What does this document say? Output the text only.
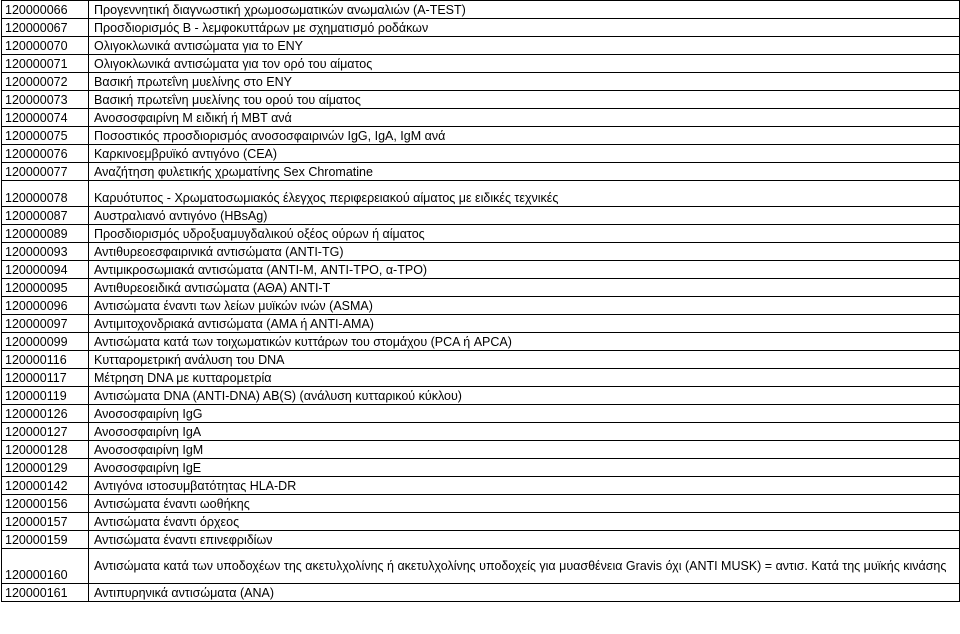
120000066	Προγεννητική διαγνωστική χρωμοσωματικών ανωμαλιών (A-TEST)
120000067	Προσδιορισμός Β - λεμφοκυττάρων με σχηματισμό ροδάκων
120000070	Ολιγοκλωνικά αντισώματα για το ΕΝΥ
120000071	Ολιγοκλωνικά αντισώματα για τον ορό του αίματος
120000072	Βασική πρωτεΐνη μυελίνης στο ΕΝΥ
120000073	Βασική πρωτεΐνη μυελίνης του ορού του αίματος
120000074	Ανοσοσφαιρίνη Μ ειδική ή ΜΒΤ ανά
120000075	Ποσοστικός προσδιορισμός ανοσοσφαιρινών IgG, IgA, IgM ανά
120000076	Καρκινοεμβρυϊκό αντιγόνο (CEA)
120000077	Αναζήτηση φυλετικής χρωματίνης Sex Chromatine
120000078	Καρυότυπος - Χρωματοσωμιακός έλεγχος περιφερειακού αίματος με ειδικές τεχνικές
120000087	Αυστραλιανό αντιγόνο (HBsAg)
120000089	Προσδιορισμός υδροξυαμυγδαλικού οξέος ούρων ή αίματος
120000093	Αντιθυρεοεσφαιρινικά αντισώματα (ΑΝΤΙ-TG)
120000094	Αντιμικροσωμιακά αντισώματα (ΑΝΤΙ-Μ, ANTI-TPO, α-TPO)
120000095	Αντιθυρεοειδικά αντισώματα (ΑΘΑ) ΑΝΤΙ-Τ
120000096	Αντισώματα έναντι των λείων μυϊκών ινών (ASMA)
120000097	Αντιμιτοχονδριακά αντισώματα (ΑΜΑ ή ΑΝΤΙ-ΑΜΑ)
120000099	Αντισώματα κατά των τοιχωματικών κυττάρων του στομάχου (PCA ή APCA)
120000116	Κυτταρομετρική ανάλυση του DNA
120000117	Μέτρηση DNA με κυτταρομετρία
120000119	Αντισώματα DNA (ANTI-DNA) AB(S) (ανάλυση κυτταρικού κύκλου)
120000126	Ανοσοσφαιρίνη IgG
120000127	Ανοσοσφαιρίνη IgA
120000128	Ανοσοσφαιρίνη IgM
120000129	Ανοσοσφαιρίνη IgE
120000142	Αντιγόνα ιστοσυμβατότητας HLA-DR
120000156	Αντισώματα έναντι ωοθήκης
120000157	Αντισώματα έναντι όρχεος
120000159	Αντισώματα έναντι επινεφριδίων
120000160	Αντισώματα κατά των υποδοχέων της ακετυλχολίνης ή ακετυλχολίνης υποδοχείς για μυασθένεια Gravis όχι (ANTI MUSK) = αντισ. Κατά της μυϊκής κινάσης
120000161	Αντιπυρηνικά αντισώματα (ΑΝΑ)
